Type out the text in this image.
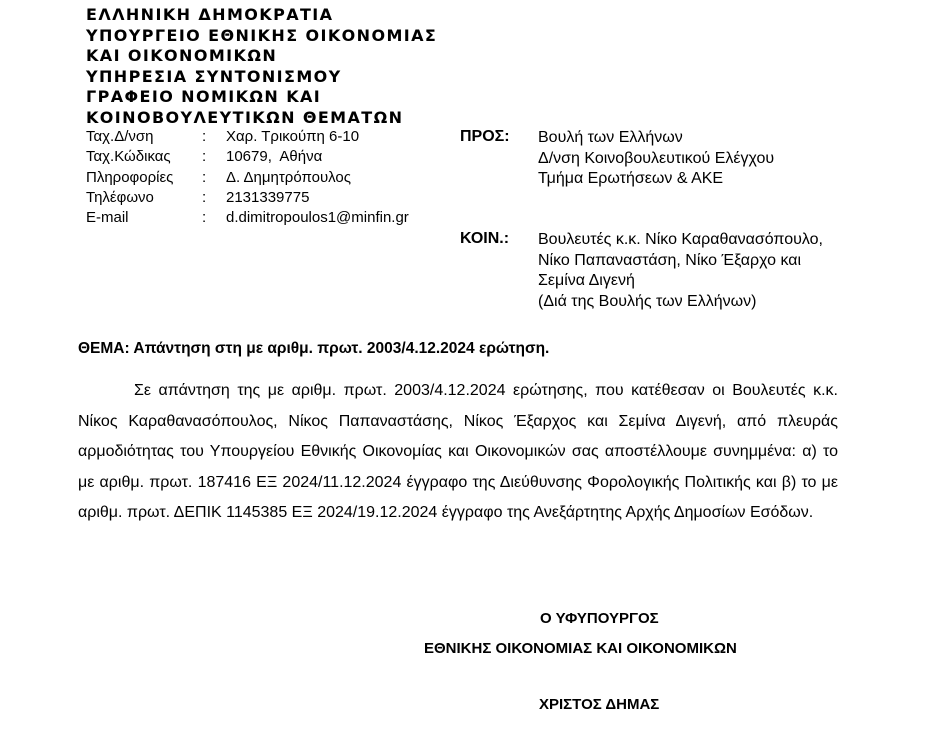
ΕΛΛΗΝΙΚΗ ΔΗΜΟΚΡΑΤΙΑ
ΥΠΟΥΡΓΕΙΟ ΕΘΝΙΚΗΣ ΟΙΚΟΝΟΜΙΑΣ
ΚΑΙ ΟΙΚΟΝΟΜΙΚΩΝ
ΥΠΗΡΕΣΙΑ ΣΥΝΤΟΝΙΣΜΟΥ
ΓΡΑΦΕΙΟ ΝΟΜΙΚΩΝ ΚΑΙ
ΚΟΙΝΟΒΟΥΛΕΥΤΙΚΩΝ ΘΕΜΑΤΩΝ
Ταχ.Δ/νση	:	Χαρ. Τρικούπη 6-10
Ταχ.Κώδικας	:	10679,  Αθήνα
Πληροφορίες	:	Δ. Δημητρόπουλος
Τηλέφωνο	:	2131339775
E-mail	:	d.dimitropoulos1@minfin.gr
ΠΡΟΣ: Βουλή των Ελλήνων
Δ/νση Κοινοβουλευτικού Ελέγχου
Τμήμα Ερωτήσεων & ΑΚΕ
ΚΟΙΝ.: Βουλευτές κ.κ. Νίκο Καραθανασόπουλο,
Νίκο Παπαναστάση, Νίκο Έξαρχο και
Σεμίνα Διγενή
(Διά της Βουλής των Ελλήνων)
ΘΕΜΑ: Απάντηση στη με αριθμ. πρωτ. 2003/4.12.2024 ερώτηση.
Σε απάντηση της με αριθμ. πρωτ. 2003/4.12.2024 ερώτησης, που κατέθεσαν οι Βουλευτές κ.κ. Νίκος Καραθανασόπουλος, Νίκος Παπαναστάσης, Νίκος Έξαρχος και Σεμίνα Διγενή, από πλευράς αρμοδιότητας του Υπουργείου Εθνικής Οικονομίας και Οικονομικών σας αποστέλλουμε συνημμένα: α) το με αριθμ. πρωτ. 187416 ΕΞ 2024/11.12.2024 έγγραφο της Διεύθυνσης Φορολογικής Πολιτικής και β) το με αριθμ. πρωτ. ΔΕΠΙΚ 1145385 ΕΞ 2024/19.12.2024 έγγραφο της Ανεξάρτητης Αρχής Δημοσίων Εσόδων.
Ο ΥΦΥΠΟΥΡΓΟΣ
ΕΘΝΙΚΗΣ ΟΙΚΟΝΟΜΙΑΣ ΚΑΙ ΟΙΚΟΝΟΜΙΚΩΝ
ΧΡΙΣΤΟΣ ΔΗΜΑΣ
